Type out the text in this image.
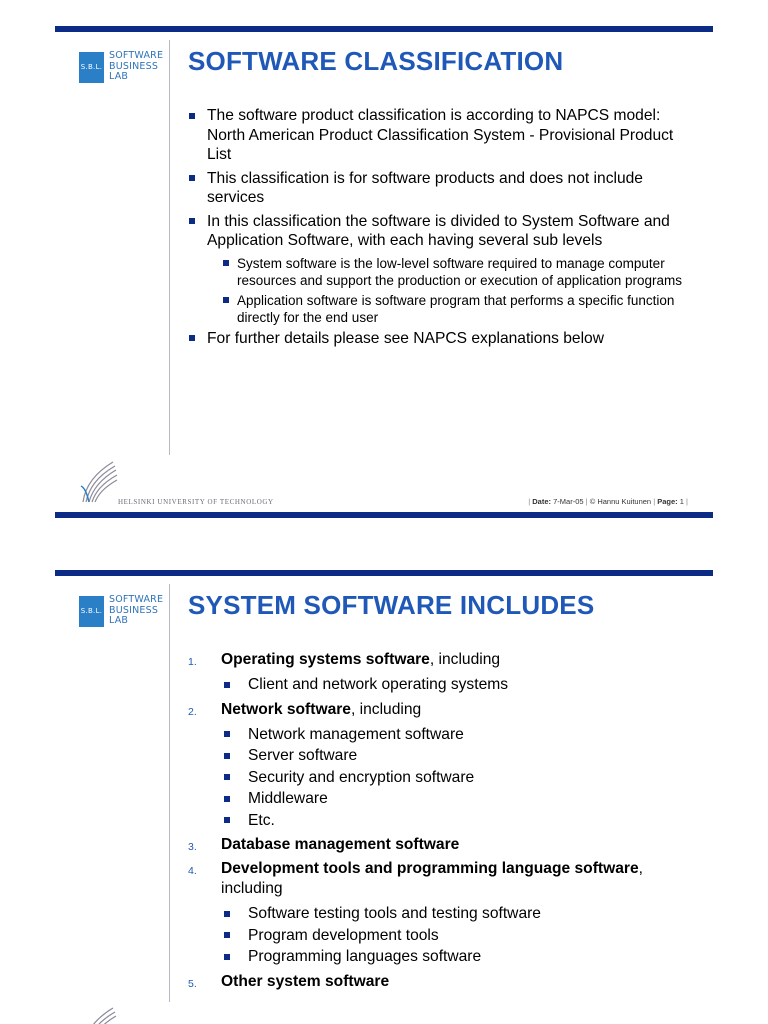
S.B.L.
SOFTWARE
BUSINESS
LAB
SOFTWARE CLASSIFICATION
The software product classification is according to NAPCS model: North American Product Classification System - Provisional Product List
This classification is for software products and does not include services
In this classification the software is divided to System Software and Application Software, with each having several sub levels
System software is the low-level software required to manage computer resources and support the production or execution of application programs
Application software is software program that performs a specific function directly for the end user
For further details please see NAPCS explanations below
HELSINKI UNIVERSITY OF TECHNOLOGY	| Date: 7-Mar-05 | © Hannu Kuitunen | Page: 1 |
S.B.L.
SOFTWARE
BUSINESS
LAB
SYSTEM SOFTWARE INCLUDES
1. Operating systems software, including
Client and network operating systems
2. Network software, including
Network management software
Server software
Security and encryption software
Middleware
Etc.
3. Database management software
4. Development tools and programming language software, including
Software testing tools and testing software
Program development tools
Programming languages software
5. Other system software
